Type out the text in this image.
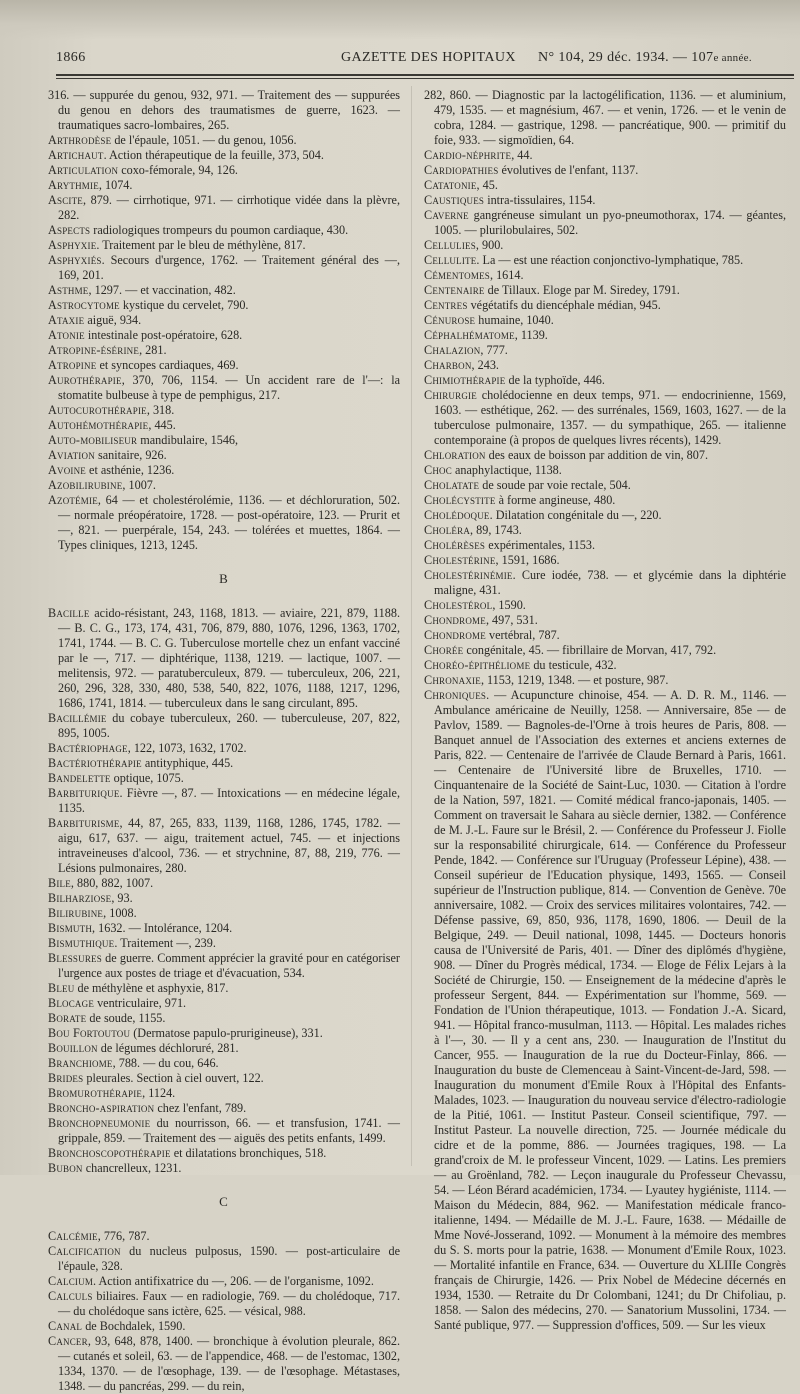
1866	GAZETTE DES HOPITAUX N° 104, 29 déc. 1934. — 107e année.

316. — suppurée du genou, 932, 971. — Traitement des — suppurées du genou en dehors des traumatismes de guerre, 1623. — traumatiques sacro-lombaires, 265.

Arthrodèse de l'épaule, 1051. — du genou, 1056.

Artichaut. Action thérapeutique de la feuille, 373, 504.

Articulation coxo-fémorale, 94, 126.

Arythmie, 1074.

Ascite, 879. — cirrhotique, 971. — cirrhotique vidée dans la plèvre, 282.

Aspects radiologiques trompeurs du poumon cardiaque, 430.

Asphyxie. Traitement par le bleu de méthylène, 817.

Asphyxiés. Secours d'urgence, 1762. — Traitement général des —, 169, 201.

Asthme, 1297. — et vaccination, 482.

Astrocytome kystique du cervelet, 790.

Ataxie aiguë, 934.

Atonie intestinale post-opératoire, 628.

Atropine-ésérine, 281.

Atropine et syncopes cardiaques, 469.

Aurothérapie, 370, 706, 1154. — Un accident rare de l'—: la stomatite bulbeuse à type de pemphigus, 217.

Autocurothérapie, 318.

Autohémothérapie, 445.

Auto-mobiliseur mandibulaire, 1546,

Aviation sanitaire, 926.

Avoine et asthénie, 1236.

Azobilirubine, 1007.

Azotémie, 64 — et cholestérolémie, 1136. — et déchloruration, 502. — normale préopératoire, 1728. — post-opératoire, 123. — Prurit et —, 821. — puerpérale, 154, 243. — tolérées et muettes, 1864. — Types cliniques, 1213, 1245.

B

Bacille acido-résistant, 243, 1168, 1813. — aviaire, 221, 879, 1188. — B. C. G., 173, 174, 431, 706, 879, 880, 1076, 1296, 1363, 1702, 1741, 1744. — B. C. G. Tuberculose mortelle chez un enfant vacciné par le —, 717. — diphtérique, 1138, 1219. — lactique, 1007. — melitensis, 972. — paratuberculeux, 879. — tuberculeux, 206, 221, 260, 296, 328, 330, 480, 538, 540, 822, 1076, 1188, 1217, 1296, 1686, 1741, 1814. — tuberculeux dans le sang circulant, 895.

Bacillémie du cobaye tuberculeux, 260. — tuberculeuse, 207, 822, 895, 1005.

Bactériophage, 122, 1073, 1632, 1702.

Bactériothérapie antityphique, 445.

Bandelette optique, 1075.

Barbiturique. Fièvre —, 87. — Intoxications — en médecine légale, 1135.

Barbiturisme, 44, 87, 265, 833, 1139, 1168, 1286, 1745, 1782. — aigu, 617, 637. — aigu, traitement actuel, 745. — et injections intraveineuses d'alcool, 736. — et strychnine, 87, 88, 219, 776. — Lésions pulmonaires, 280.

Bile, 880, 882, 1007.

Bilharziose, 93.

Bilirubine, 1008.

Bismuth, 1632. — Intolérance, 1204.

Bismuthique. Traitement —, 239.

Blessures de guerre. Comment apprécier la gravité pour en catégoriser l'urgence aux postes de triage et d'évacuation, 534.

Bleu de méthylène et asphyxie, 817.

Blocage ventriculaire, 971.

Borate de soude, 1155.

Bou Fortoutou (Dermatose papulo-prurigineuse), 331.

Bouillon de légumes déchloruré, 281.

Branchiome, 788. — du cou, 646.

Brides pleurales. Section à ciel ouvert, 122.

Bromurothérapie, 1124.

Broncho-aspiration chez l'enfant, 789.

Bronchopneumonie du nourrisson, 66. — et transfusion, 1741. — grippale, 859. — Traitement des — aiguës des petits enfants, 1499.

Bronchoscopothérapie et dilatations bronchiques, 518.

Bubon chancrelleux, 1231.

C

Calcémie, 776, 787.

Calcification du nucleus pulposus, 1590. — post-articulaire de l'épaule, 328.

Calcium. Action antifixatrice du —, 206. — de l'organisme, 1092.

Calculs biliaires. Faux — en radiologie, 769. — du cholédoque, 717. — du cholédoque sans ictère, 625. — vésical, 988.

Canal de Bochdalek, 1590.

Cancer, 93, 648, 878, 1400. — bronchique à évolution pleurale, 862. — cutanés et soleil, 63. — de l'appendice, 468. — de l'estomac, 1302, 1334, 1370. — de l'œsophage, 139. — de l'œsophage. Métastases, 1348. — du pancréas, 299. — du rein,

282, 860. — Diagnostic par la lactogélification, 1136. — et aluminium, 479, 1535. — et magnésium, 467. — et venin, 1726. — et le venin de cobra, 1284. — gastrique, 1298. — pancréatique, 900. — primitif du foie, 933. — sigmoïdien, 64.

Cardio-néphrite, 44.

Cardiopathies évolutives de l'enfant, 1137.

Catatonie, 45.

Caustiques intra-tissulaires, 1154.

Caverne gangréneuse simulant un pyo-pneumothorax, 174. — géantes, 1005. — plurilobulaires, 502.

Cellulies, 900.

Cellulite. La — est une réaction conjonctivo-lymphatique, 785.

Cémentomes, 1614.

Centenaire de Tillaux. Eloge par M. Siredey, 1791.

Centres végétatifs du diencéphale médian, 945.

Cénurose humaine, 1040.

Céphalhématome, 1139.

Chalazion, 777.

Charbon, 243.

Chimiothérapie de la typhoïde, 446.

Chirurgie cholédocienne en deux temps, 971. — endocrinienne, 1569, 1603. — esthétique, 262. — des surrénales, 1569, 1603, 1627. — de la tuberculose pulmonaire, 1357. — du sympathique, 265. — italienne contemporaine (à propos de quelques livres récents), 1429.

Chloration des eaux de boisson par addition de vin, 807.

Choc anaphylactique, 1138.

Cholatate de soude par voie rectale, 504.

Cholécystite à forme angineuse, 480.

Cholédoque. Dilatation congénitale du —, 220.

Choléra, 89, 1743.

Cholérèses expérimentales, 1153.

Cholestérine, 1591, 1686.

Cholestérinémie. Cure iodée, 738. — et glycémie dans la diphtérie maligne, 431.

Cholestérol, 1590.

Chondrome, 497, 531.

Chondrome vertébral, 787.

Chorée congénitale, 45. — fibrillaire de Morvan, 417, 792.

Choréo-épithéliome du testicule, 432.

Chronaxie, 1153, 1219, 1348. — et posture, 987.

Chroniques. — Acupuncture chinoise, 454. — A. D. R. M., 1146. — Ambulance américaine de Neuilly, 1258. — Anniversaire, 85e — de Pavlov, 1589. — Bagnoles-de-l'Orne à trois heures de Paris, 808. — Banquet annuel de l'Association des externes et anciens externes de Paris, 822. — Centenaire de l'arrivée de Claude Bernard à Paris, 1661. — Centenaire de l'Université libre de Bruxelles, 1710. — Cinquantenaire de la Société de Saint-Luc, 1030. — Citation à l'ordre de la Nation, 597, 1821. — Comité médical franco-japonais, 1405. — Comment on traversait le Sahara au siècle dernier, 1382. — Conférence de M. J.-L. Faure sur le Brésil, 2. — Conférence du Professeur J. Fiolle sur la responsabilité chirurgicale, 614. — Conférence du Professeur Pende, 1842. — Conférence sur l'Uruguay (Professeur Lépine), 438. — Conseil supérieur de l'Education physique, 1493, 1565. — Conseil supérieur de l'Instruction publique, 814. — Convention de Genève. 70e anniversaire, 1082. — Croix des services militaires volontaires, 742. — Défense passive, 69, 850, 936, 1178, 1690, 1806. — Deuil de la Belgique, 249. — Deuil national, 1098, 1445. — Docteurs honoris causa de l'Université de Paris, 401. — Dîner des diplômés d'hygiène, 908. — Dîner du Progrès médical, 1734. — Eloge de Félix Lejars à la Société de Chirurgie, 150. — Enseignement de la médecine d'après le professeur Sergent, 844. — Expérimentation sur l'homme, 569. — Fondation de l'Union thérapeutique, 1013. — Fondation J.-A. Sicard, 941. — Hôpital franco-musulman, 1113. — Hôpital. Les malades riches à l'—, 30. — Il y a cent ans, 230. — Inauguration de l'Institut du Cancer, 955. — Inauguration de la rue du Docteur-Finlay, 866. — Inauguration du buste de Clemenceau à Saint-Vincent-de-Jard, 598. — Inauguration du monument d'Emile Roux à l'Hôpital des Enfants-Malades, 1023. — Inauguration du nouveau service d'électro-radiologie de la Pitié, 1061. — Institut Pasteur. Conseil scientifique, 797. — Institut Pasteur. La nouvelle direction, 725. — Journée médicale du cidre et de la pomme, 886. — Journées tragiques, 198. — La grand'croix de M. le professeur Vincent, 1029. — Latins. Les premiers — au Groënland, 782. — Leçon inaugurale du Professeur Chevassu, 54. — Léon Bérard académicien, 1734. — Lyautey hygiéniste, 1114. — Maison du Médecin, 884, 962. — Manifestation médicale franco-italienne, 1494. — Médaille de M. J.-L. Faure, 1638. — Médaille de Mme Nové-Josserand, 1092. — Monument à la mémoire des membres du S. S. morts pour la patrie, 1638. — Monument d'Emile Roux, 1023. — Mortalité infantile en France, 634. — Ouverture du XLIIIe Congrès français de Chirurgie, 1426. — Prix Nobel de Médecine décernés en 1934, 1530. — Retraite du Dr Colombani, 1241; du Dr Chifoliau, p. 1858. — Salon des médecins, 270. — Sanatorium Mussolini, 1734. — Santé publique, 977. — Suppression d'offices, 509. — Sur les vieux
